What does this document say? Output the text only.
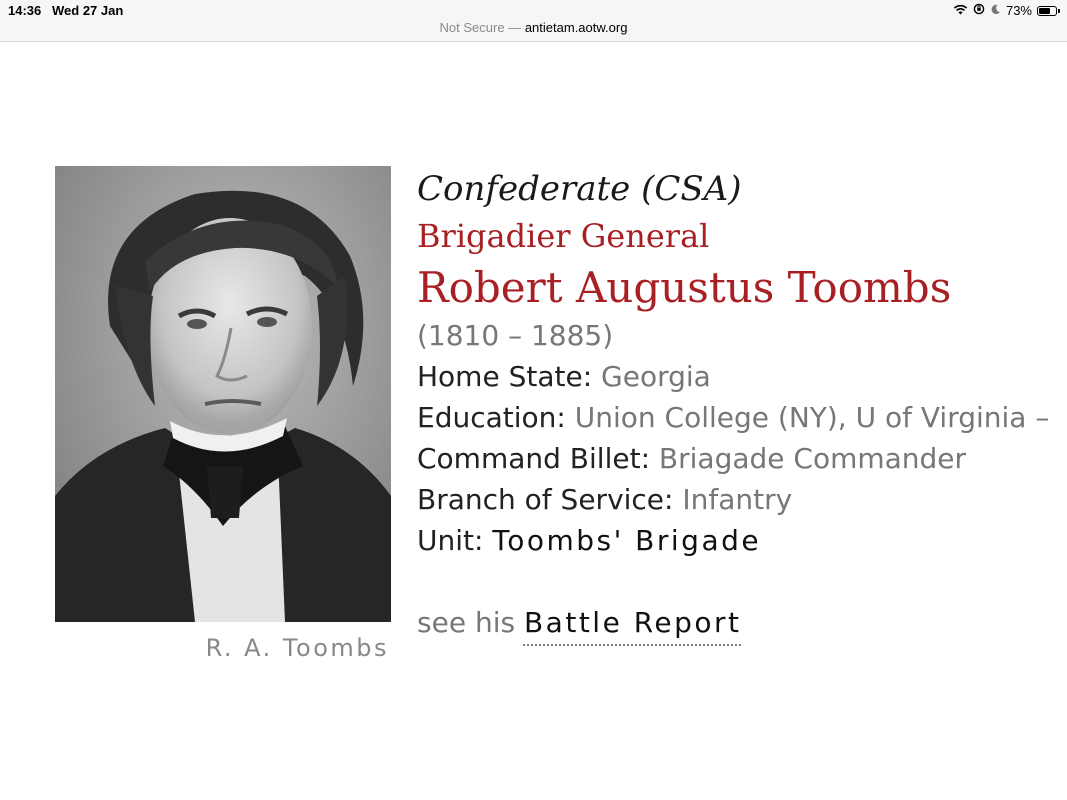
14:36 Wed 27 Jan	73%
Not Secure — antietam.aotw.org
R. A. Toombs
Confederate (CSA)
Brigadier General
Robert Augustus Toombs
(1810 – 1885)
Home State: Georgia
Education: Union College (NY), U of Virginia –
Command Billet: Briagade Commander
Branch of Service: Infantry
Unit: Toombs' Brigade
see his Battle Report
